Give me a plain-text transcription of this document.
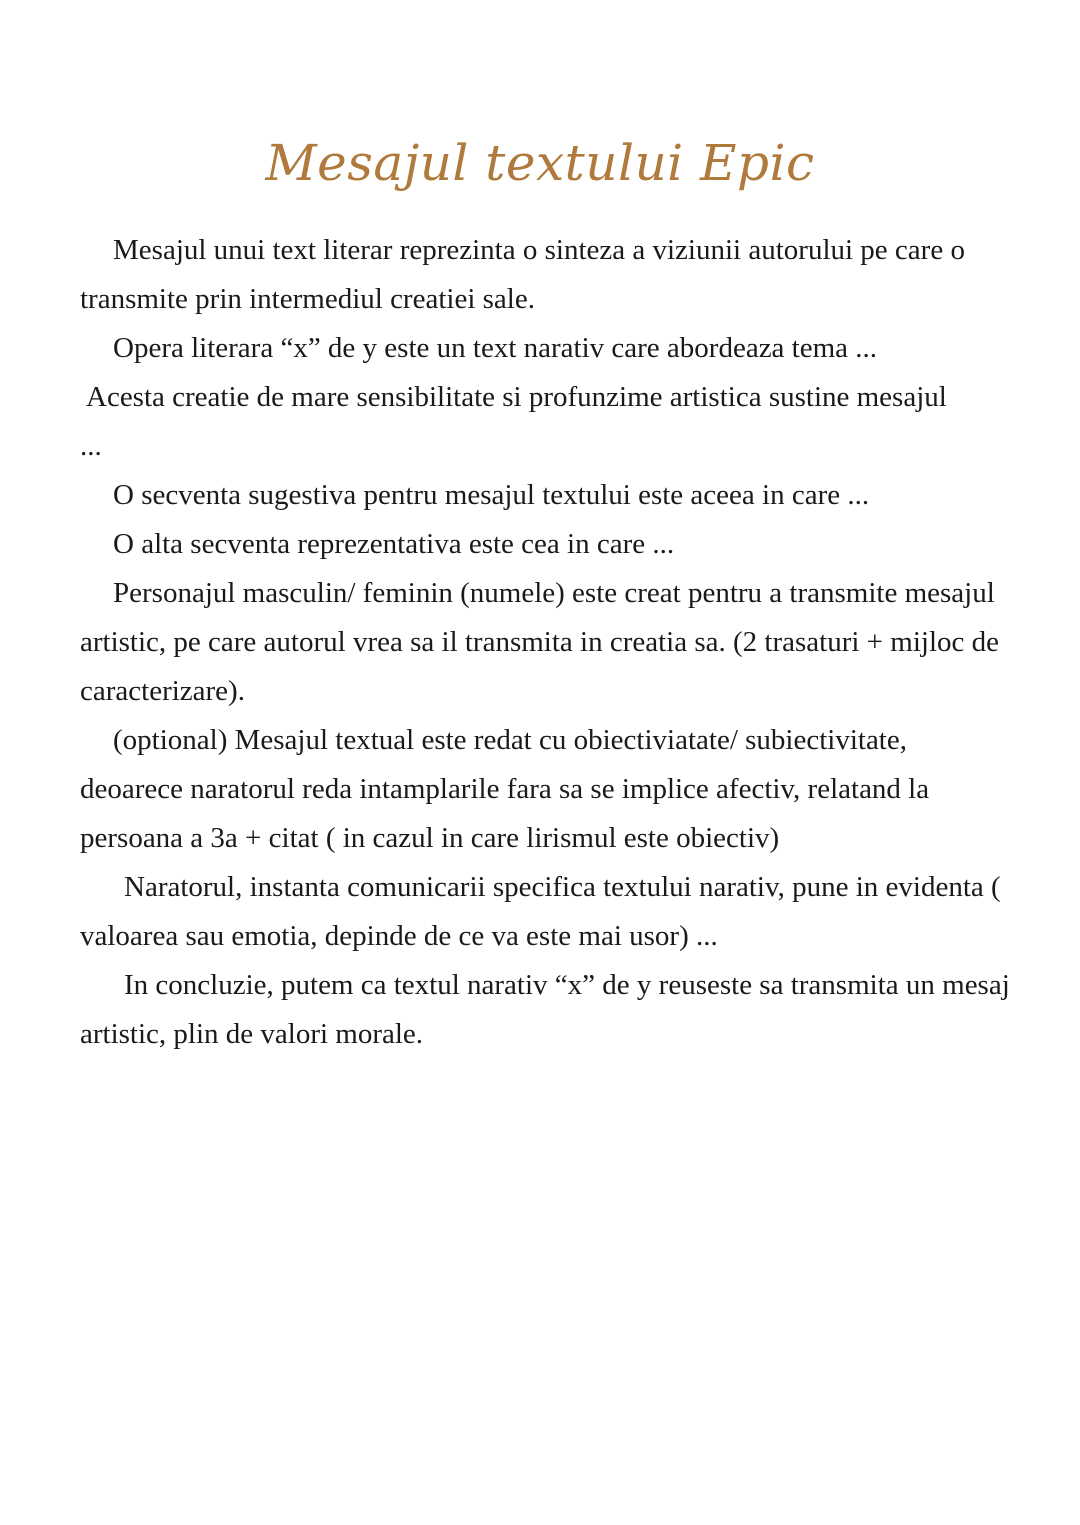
Mesajul textului Epic

Mesajul unui text literar reprezinta o sinteza a viziunii autorului pe care o transmite prin intermediul creatiei sale.

Opera literara “x” de y este un text narativ care abordeaza tema ...

Acesta creatie de mare sensibilitate si profunzime artistica sustine mesajul

...

O secventa sugestiva pentru mesajul textului este aceea in care ...

O alta secventa reprezentativa este cea in care ...

Personajul masculin/ feminin (numele) este creat pentru a transmite mesajul artistic, pe care autorul vrea sa il transmita in creatia sa. (2 trasaturi + mijloc de caracterizare).

(optional) Mesajul textual este redat cu obiectiviatate/ subiectivitate, deoarece naratorul reda intamplarile fara sa se implice afectiv, relatand la persoana a 3a + citat ( in cazul in care lirismul este obiectiv)

Naratorul, instanta comunicarii specifica textului narativ, pune in evidenta ( valoarea sau emotia, depinde de ce va este mai usor) ...

In concluzie, putem ca textul narativ “x” de y reuseste sa transmita un mesaj artistic, plin de valori morale.
